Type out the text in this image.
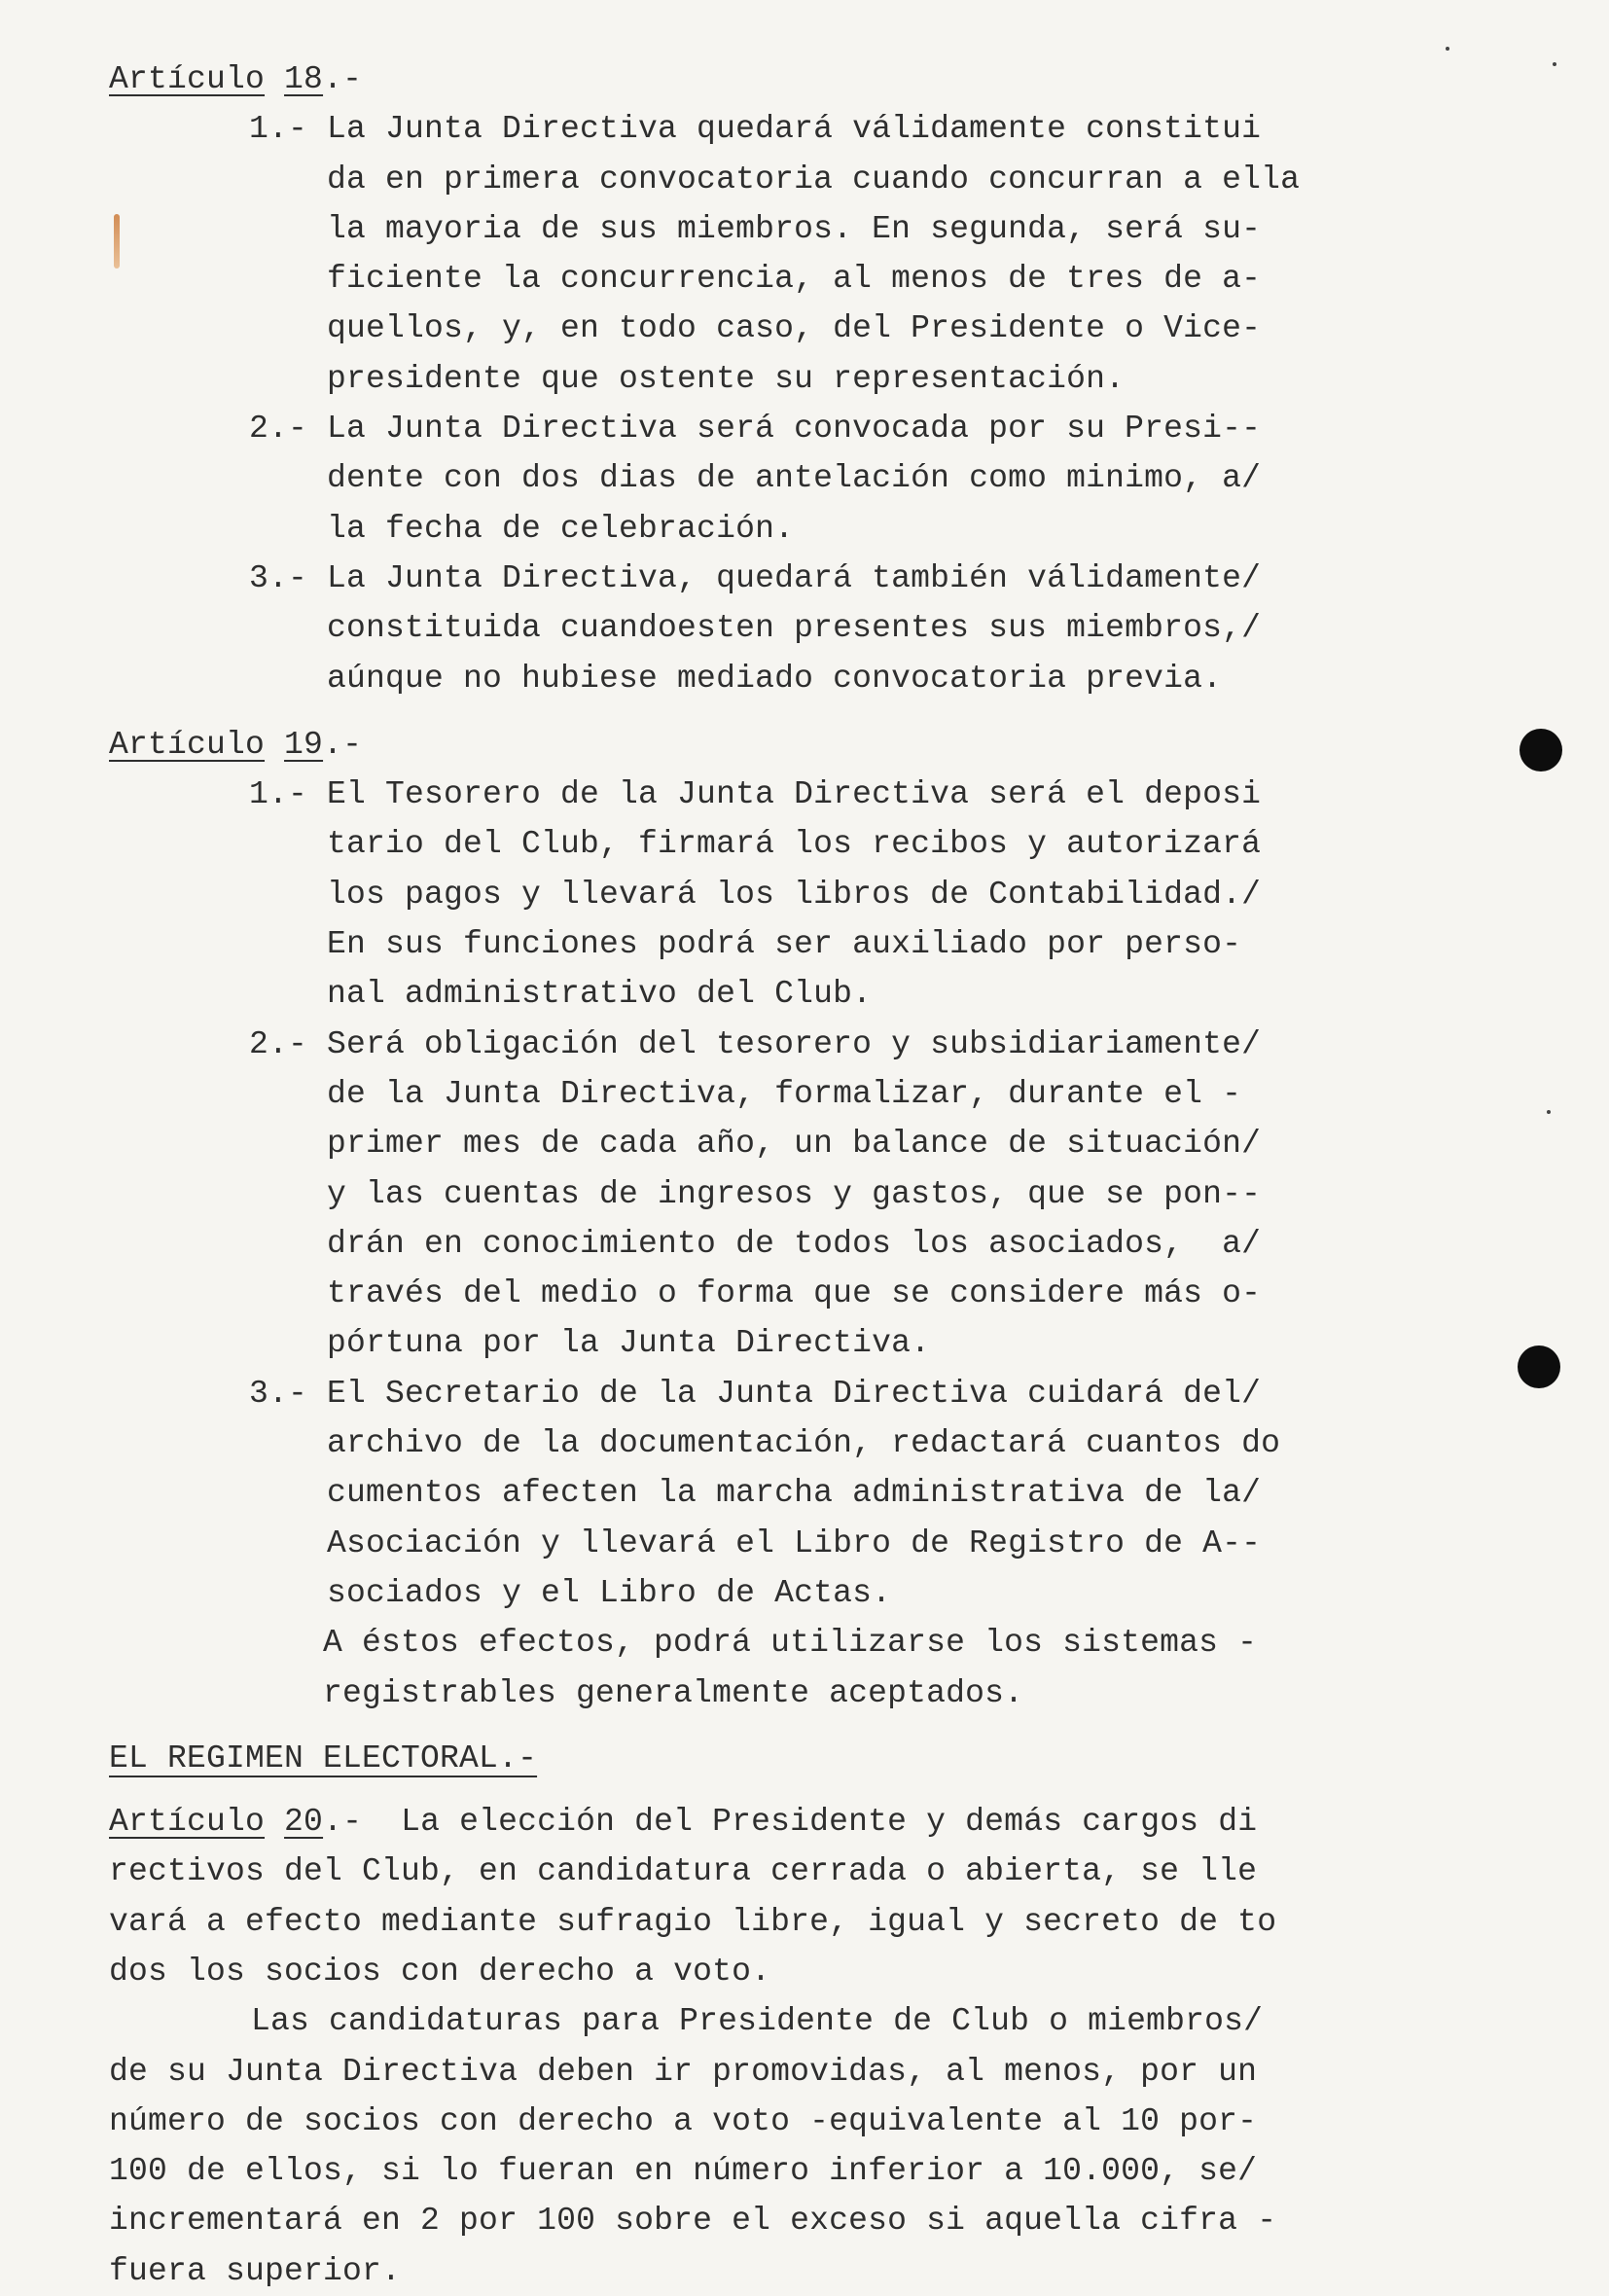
Artículo 18.-
1.- La Junta Directiva quedará válidamente constitui
da en primera convocatoria cuando concurran a ella
la mayoria de sus miembros. En segunda, será su-
ficiente la concurrencia, al menos de tres de a-
quellos, y, en todo caso, del Presidente o Vice-
presidente que ostente su representación.
2.- La Junta Directiva será convocada por su Presi--
dente con dos dias de antelación como minimo, a/
la fecha de celebración.
3.- La Junta Directiva, quedará también válidamente/
constituida cuandoesten presentes sus miembros,/
aúnque no hubiese mediado convocatoria previa.
Artículo 19.-
1.- El Tesorero de la Junta Directiva será el deposi
tario del Club, firmará los recibos y autorizará
los pagos y llevará los libros de Contabilidad./
En sus funciones podrá ser auxiliado por perso-
nal administrativo del Club.
2.- Será obligación del tesorero y subsidiariamente/
de la Junta Directiva, formalizar, durante el -
primer mes de cada año, un balance de situación/
y las cuentas de ingresos y gastos, que se pon--
drán en conocimiento de todos los asociados,  a/
través del medio o forma que se considere más o-
pórtuna por la Junta Directiva.
3.- El Secretario de la Junta Directiva cuidará del/
archivo de la documentación, redactará cuantos do
cumentos afecten la marcha administrativa de la/
Asociación y llevará el Libro de Registro de A--
sociados y el Libro de Actas.
A éstos efectos, podrá utilizarse los sistemas -
registrables generalmente aceptados.
EL REGIMEN ELECTORAL.-
Artículo 20.-  La elección del Presidente y demás cargos di
rectivos del Club, en candidatura cerrada o abierta, se lle
vará a efecto mediante sufragio libre, igual y secreto de to
dos los socios con derecho a voto.
Las candidaturas para Presidente de Club o miembros/
de su Junta Directiva deben ir promovidas, al menos, por un
número de socios con derecho a voto -equivalente al 10 por-
100 de ellos, si lo fueran en número inferior a 10.000, se/
incrementará en 2 por 100 sobre el exceso si aquella cifra -
fuera superior.
